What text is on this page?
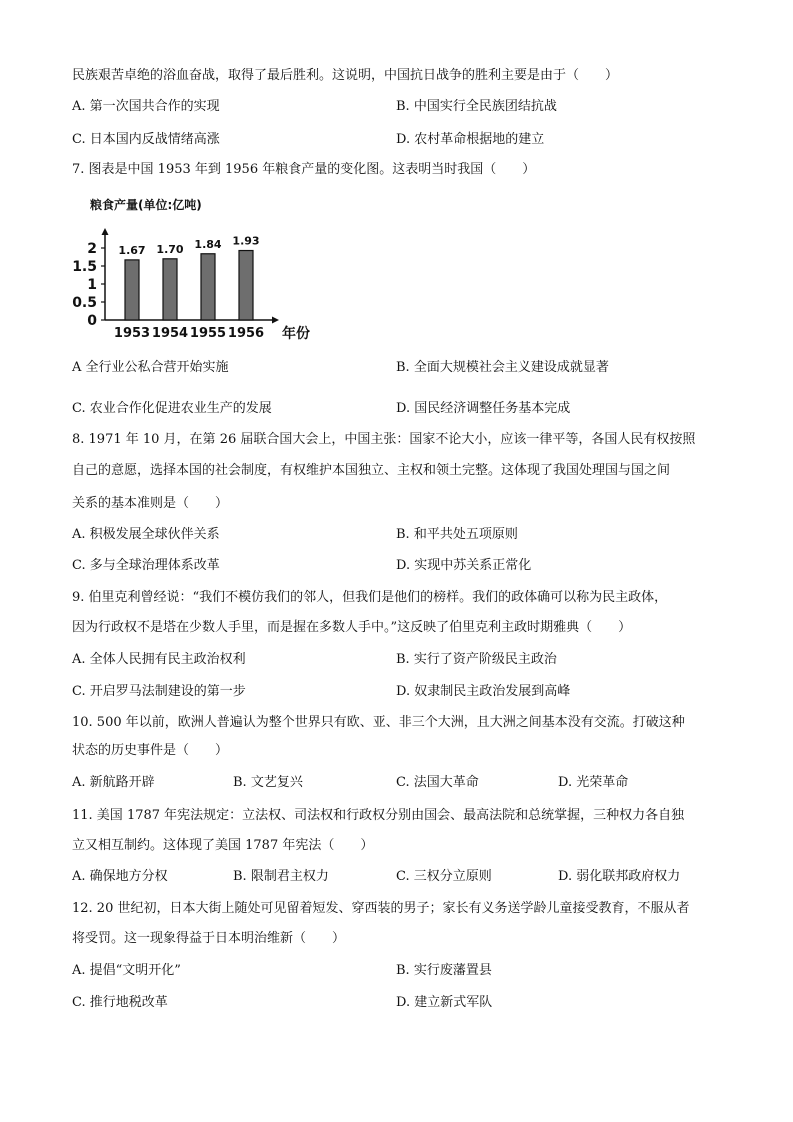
民族艰苦卓绝的浴血奋战，取得了最后胜利。这说明，中国抗日战争的胜利主要是由于（　　）
A. 第一次国共合作的实现	B. 中国实行全民族团结抗战
C. 日本国内反战情绪高涨	D. 农村革命根据地的建立
7. 图表是中国 1953 年到 1956 年粮食产量的变化图。这表明当时我国（　　）
粮食产量(单位:亿吨)
年份
0
0.5
1
1.5
2 1.67 1.70 1.84 1.93
1953 1954 1955 1956
A 全行业公私合营开始实施	B. 全面大规模社会主义建设成就显著
C. 农业合作化促进农业生产的发展	D. 国民经济调整任务基本完成
8. 1971 年 10 月，在第 26 届联合国大会上，中国主张：国家不论大小，应该一律平等，各国人民有权按照
自己的意愿，选择本国的社会制度，有权维护本国独立、主权和领土完整。这体现了我国处理国与国之间
关系的基本准则是（　　）
A. 积极发展全球伙伴关系	B. 和平共处五项原则
C. 多与全球治理体系改革	D. 实现中苏关系正常化
9. 伯里克利曾经说：“我们不模仿我们的邻人，但我们是他们的榜样。我们的政体确可以称为民主政体，
因为行政权不是塔在少数人手里，而是握在多数人手中。”这反映了伯里克利主政时期雅典（　　）
A. 全体人民拥有民主政治权利	B. 实行了资产阶级民主政治
C. 开启罗马法制建设的第一步	D. 奴隶制民主政治发展到高峰
10. 500 年以前，欧洲人普遍认为整个世界只有欧、亚、非三个大洲，且大洲之间基本没有交流。打破这种
状态的历史事件是（　　）
A. 新航路开辟	B. 文艺复兴	C. 法国大革命	D. 光荣革命
11. 美国 1787 年宪法规定：立法权、司法权和行政权分别由国会、最高法院和总统掌握，三种权力各自独
立又相互制约。这体现了美国 1787 年宪法（　　）
A. 确保地方分权	B. 限制君主权力	C. 三权分立原则	D. 弱化联邦政府权力
12. 20 世纪初，日本大街上随处可见留着短发、穿西装的男子；家长有义务送学龄儿童接受教育，不服从者
将受罚。这一现象得益于日本明治维新（　　）
A. 提倡“文明开化”	B. 实行废藩置县
C. 推行地税改革	D. 建立新式军队
